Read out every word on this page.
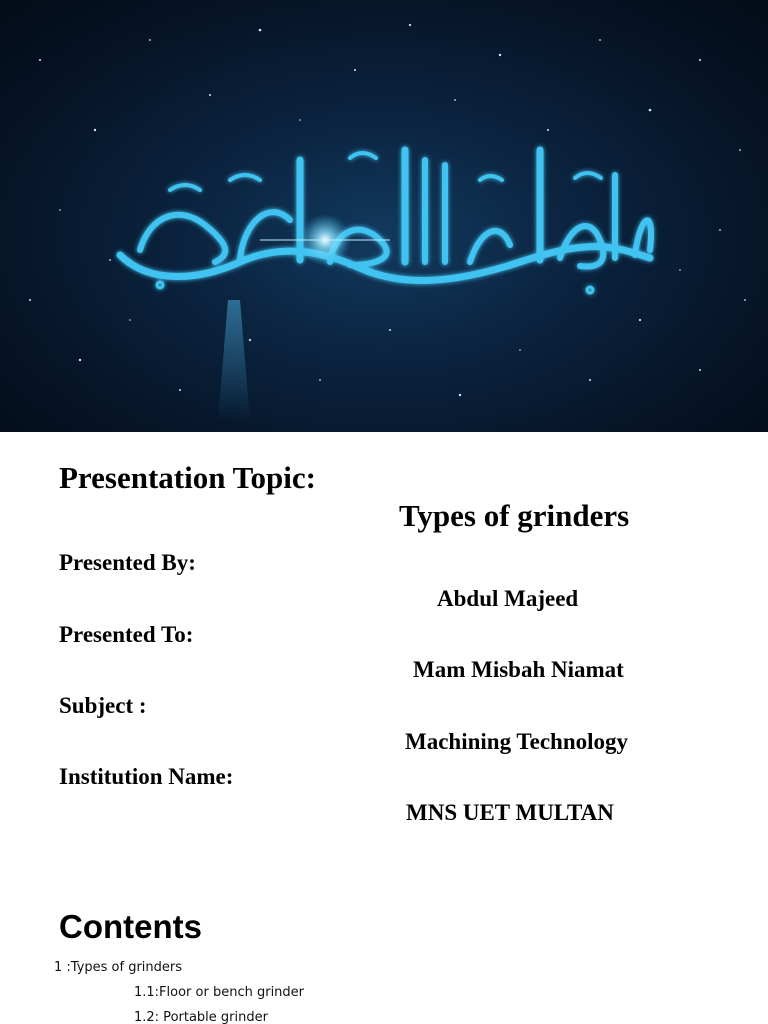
Presentation Topic:

Types of grinders

Presented By:

Abdul Majeed

Presented To:

Mam Misbah Niamat

Subject :

Machining Technology

Institution Name:

MNS UET MULTAN

Contents

1 :Types of grinders

1.1:Floor or bench grinder

1.2: Portable grinder
